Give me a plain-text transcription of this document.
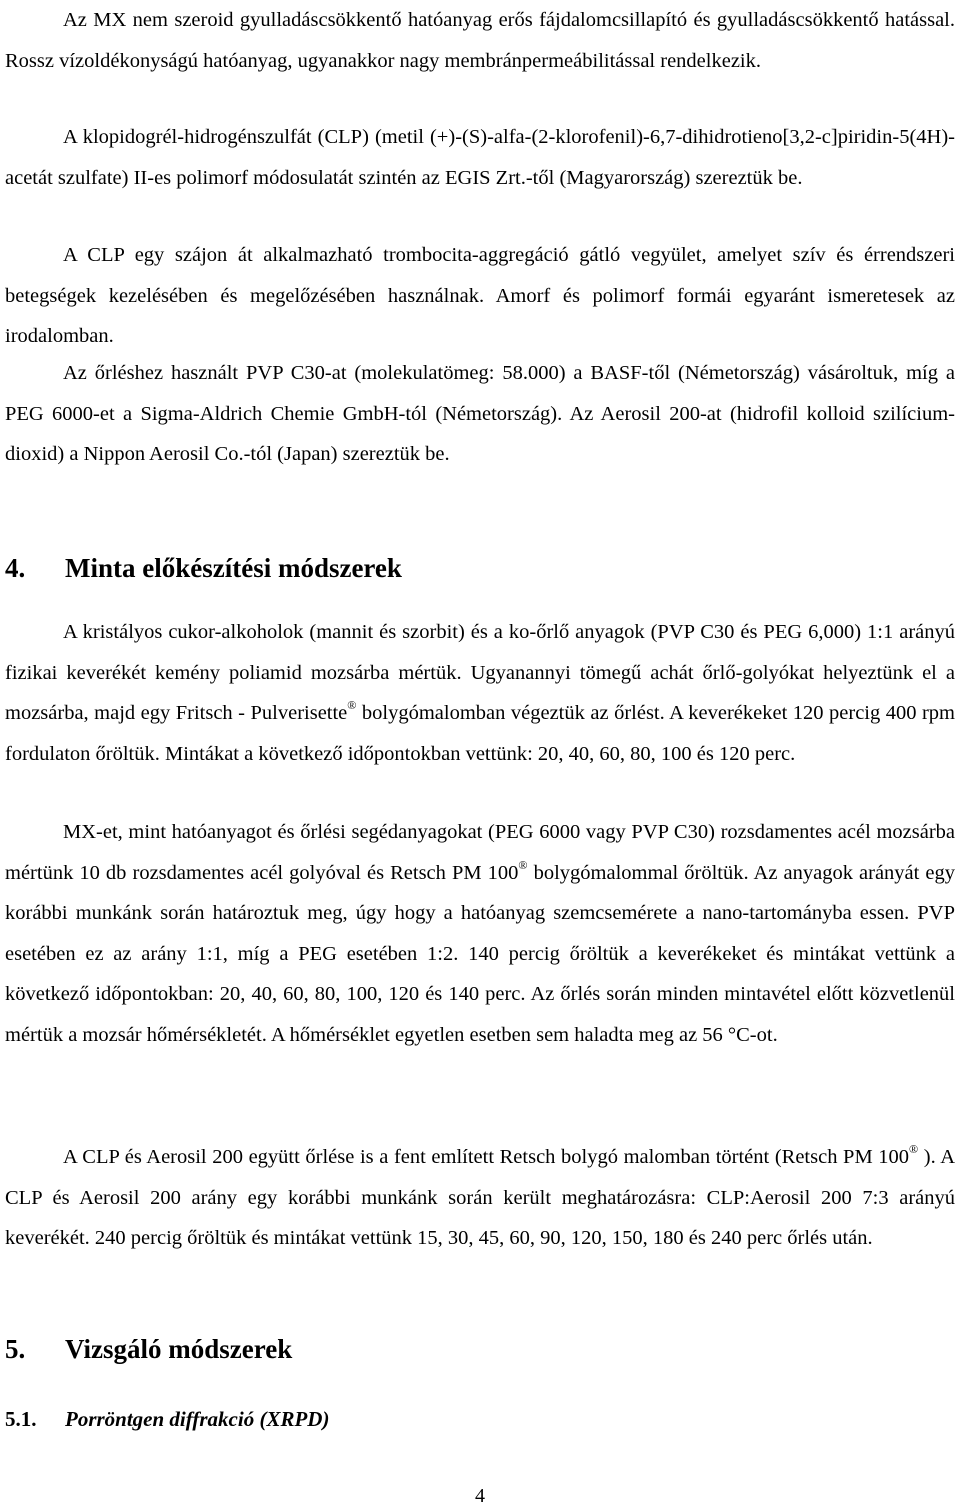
Az MX nem szeroid gyulladáscsökkentő hatóanyag erős fájdalomcsillapító és gyulladáscsökkentő hatással. Rossz vízoldékonyságú hatóanyag, ugyanakkor nagy membránpermeábilitással rendelkezik.

A klopidogrél-hidrogénszulfát (CLP) (metil (+)-(S)-alfa-(2-klorofenil)-6,7-dihidrotieno[3,2-c]piridin-5(4H)-acetát szulfate) II-es polimorf módosulatát szintén az EGIS Zrt.-től (Magyarország) szereztük be.

A CLP egy szájon át alkalmazható trombocita-aggregáció gátló vegyület, amelyet szív és érrendszeri betegségek kezelésében és megelőzésében használnak. Amorf és polimorf formái egyaránt ismeretesek az irodalomban.

Az őrléshez használt PVP C30-at (molekulatömeg: 58.000) a BASF-től (Németország) vásároltuk, míg a PEG 6000-et a Sigma-Aldrich Chemie GmbH-tól (Németország). Az Aerosil 200-at (hidrofil kolloid szilícium-dioxid) a Nippon Aerosil Co.-tól (Japan) szereztük be.

4. Minta előkészítési módszerek

A kristályos cukor-alkoholok (mannit és szorbit) és a ko-őrlő anyagok (PVP C30 és PEG 6,000) 1:1 arányú fizikai keverékét kemény poliamid mozsárba mértük. Ugyanannyi tömegű achát őrlő-golyókat helyeztünk el a mozsárba, majd egy Fritsch - Pulverisette® bolygómalomban végeztük az őrlést. A keverékeket 120 percig 400 rpm fordulaton őröltük. Mintákat a következő időpontokban vettünk: 20, 40, 60, 80, 100 és 120 perc.

MX-et, mint hatóanyagot és őrlési segédanyagokat (PEG 6000 vagy PVP C30) rozsdamentes acél mozsárba mértünk 10 db rozsdamentes acél golyóval és Retsch PM 100® bolygómalommal őröltük. Az anyagok arányát egy korábbi munkánk során határoztuk meg, úgy hogy a hatóanyag szemcsemérete a nano-tartományba essen. PVP esetében ez az arány 1:1, míg a PEG esetében 1:2. 140 percig őröltük a keverékeket és mintákat vettünk a következő időpontokban: 20, 40, 60, 80, 100, 120 és 140 perc. Az őrlés során minden mintavétel előtt közvetlenül mértük a mozsár hőmérsékletét. A hőmérséklet egyetlen esetben sem haladta meg az 56 °C-ot.

A CLP és Aerosil 200 együtt őrlése is a fent említett Retsch bolygó malomban történt (Retsch PM 100® ). A CLP és Aerosil 200 arány egy korábbi munkánk során került meghatározásra: CLP:Aerosil 200 7:3 arányú keverékét. 240 percig őröltük és mintákat vettünk 15, 30, 45, 60, 90, 120, 150, 180 és 240 perc őrlés után.

5. Vizsgáló módszerek
5.1. Porröntgen diffrakció (XRPD)
4
